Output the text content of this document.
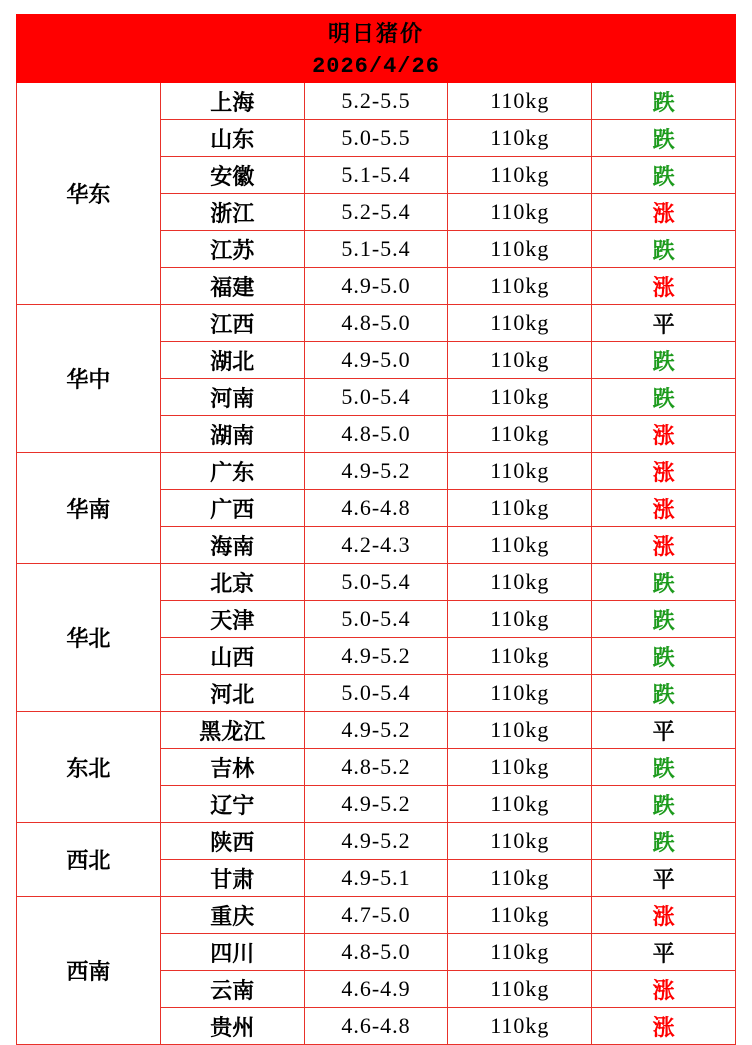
明日猪价				
2026/4/26				
华东	上海	5.2-5.5	110kg	跌
	山东	5.0-5.5	110kg	跌
	安徽	5.1-5.4	110kg	跌
	浙江	5.2-5.4	110kg	涨
	江苏	5.1-5.4	110kg	跌
	福建	4.9-5.0	110kg	涨
华中	江西	4.8-5.0	110kg	平
	湖北	4.9-5.0	110kg	跌
	河南	5.0-5.4	110kg	跌
	湖南	4.8-5.0	110kg	涨
华南	广东	4.9-5.2	110kg	涨
	广西	4.6-4.8	110kg	涨
	海南	4.2-4.3	110kg	涨
华北	北京	5.0-5.4	110kg	跌
	天津	5.0-5.4	110kg	跌
	山西	4.9-5.2	110kg	跌
	河北	5.0-5.4	110kg	跌
东北	黑龙江	4.9-5.2	110kg	平
	吉林	4.8-5.2	110kg	跌
	辽宁	4.9-5.2	110kg	跌
西北	陕西	4.9-5.2	110kg	跌
	甘肃	4.9-5.1	110kg	平
西南	重庆	4.7-5.0	110kg	涨
	四川	4.8-5.0	110kg	平
	云南	4.6-4.9	110kg	涨
	贵州	4.6-4.8	110kg	涨
